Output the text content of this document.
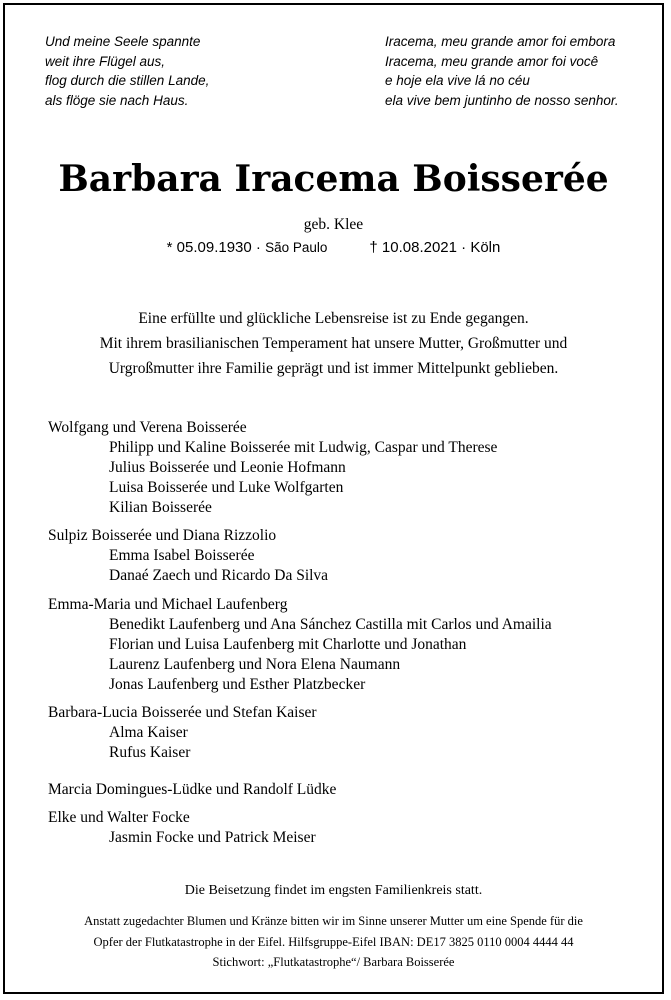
Und meine Seele spannte
weit ihre Flügel aus,
flog durch die stillen Lande,
als flöge sie nach Haus.
Iracema, meu grande amor foi embora
Iracema, meu grande amor foi você
e hoje ela vive lá no céu
ela vive bem juntinho de nosso senhor.
Barbara Iracema Boisserée
geb. Klee
* 05.09.1930 · São Paulo	† 10.08.2021 · Köln
Eine erfüllte und glückliche Lebensreise ist zu Ende gegangen.
Mit ihrem brasilianischen Temperament hat unsere Mutter, Großmutter und
Urgroßmutter ihre Familie geprägt und ist immer Mittelpunkt geblieben.
Wolfgang und Verena Boisserée
Philipp und Kaline Boisserée mit Ludwig, Caspar und Therese
Julius Boisserée und Leonie Hofmann
Luisa Boisserée und Luke Wolfgarten
Kilian Boisserée
Sulpiz Boisserée und Diana Rizzolio
Emma Isabel Boisserée
Danaé Zaech und Ricardo Da Silva
Emma-Maria und Michael Laufenberg
Benedikt Laufenberg und Ana Sánchez Castilla mit Carlos und Amailia
Florian und Luisa Laufenberg mit Charlotte und Jonathan
Laurenz Laufenberg und Nora Elena Naumann
Jonas Laufenberg und Esther Platzbecker
Barbara-Lucia Boisserée und Stefan Kaiser
Alma Kaiser
Rufus Kaiser
Marcia Domingues-Lüdke und Randolf Lüdke
Elke und Walter Focke
Jasmin Focke und Patrick Meiser
Die Beisetzung findet im engsten Familienkreis statt.
Anstatt zugedachter Blumen und Kränze bitten wir im Sinne unserer Mutter um eine Spende für die
Opfer der Flutkatastrophe in der Eifel. Hilfsgruppe-Eifel IBAN: DE17 3825 0110 0004 4444 44
Stichwort: „Flutkatastrophe“/ Barbara Boisserée
